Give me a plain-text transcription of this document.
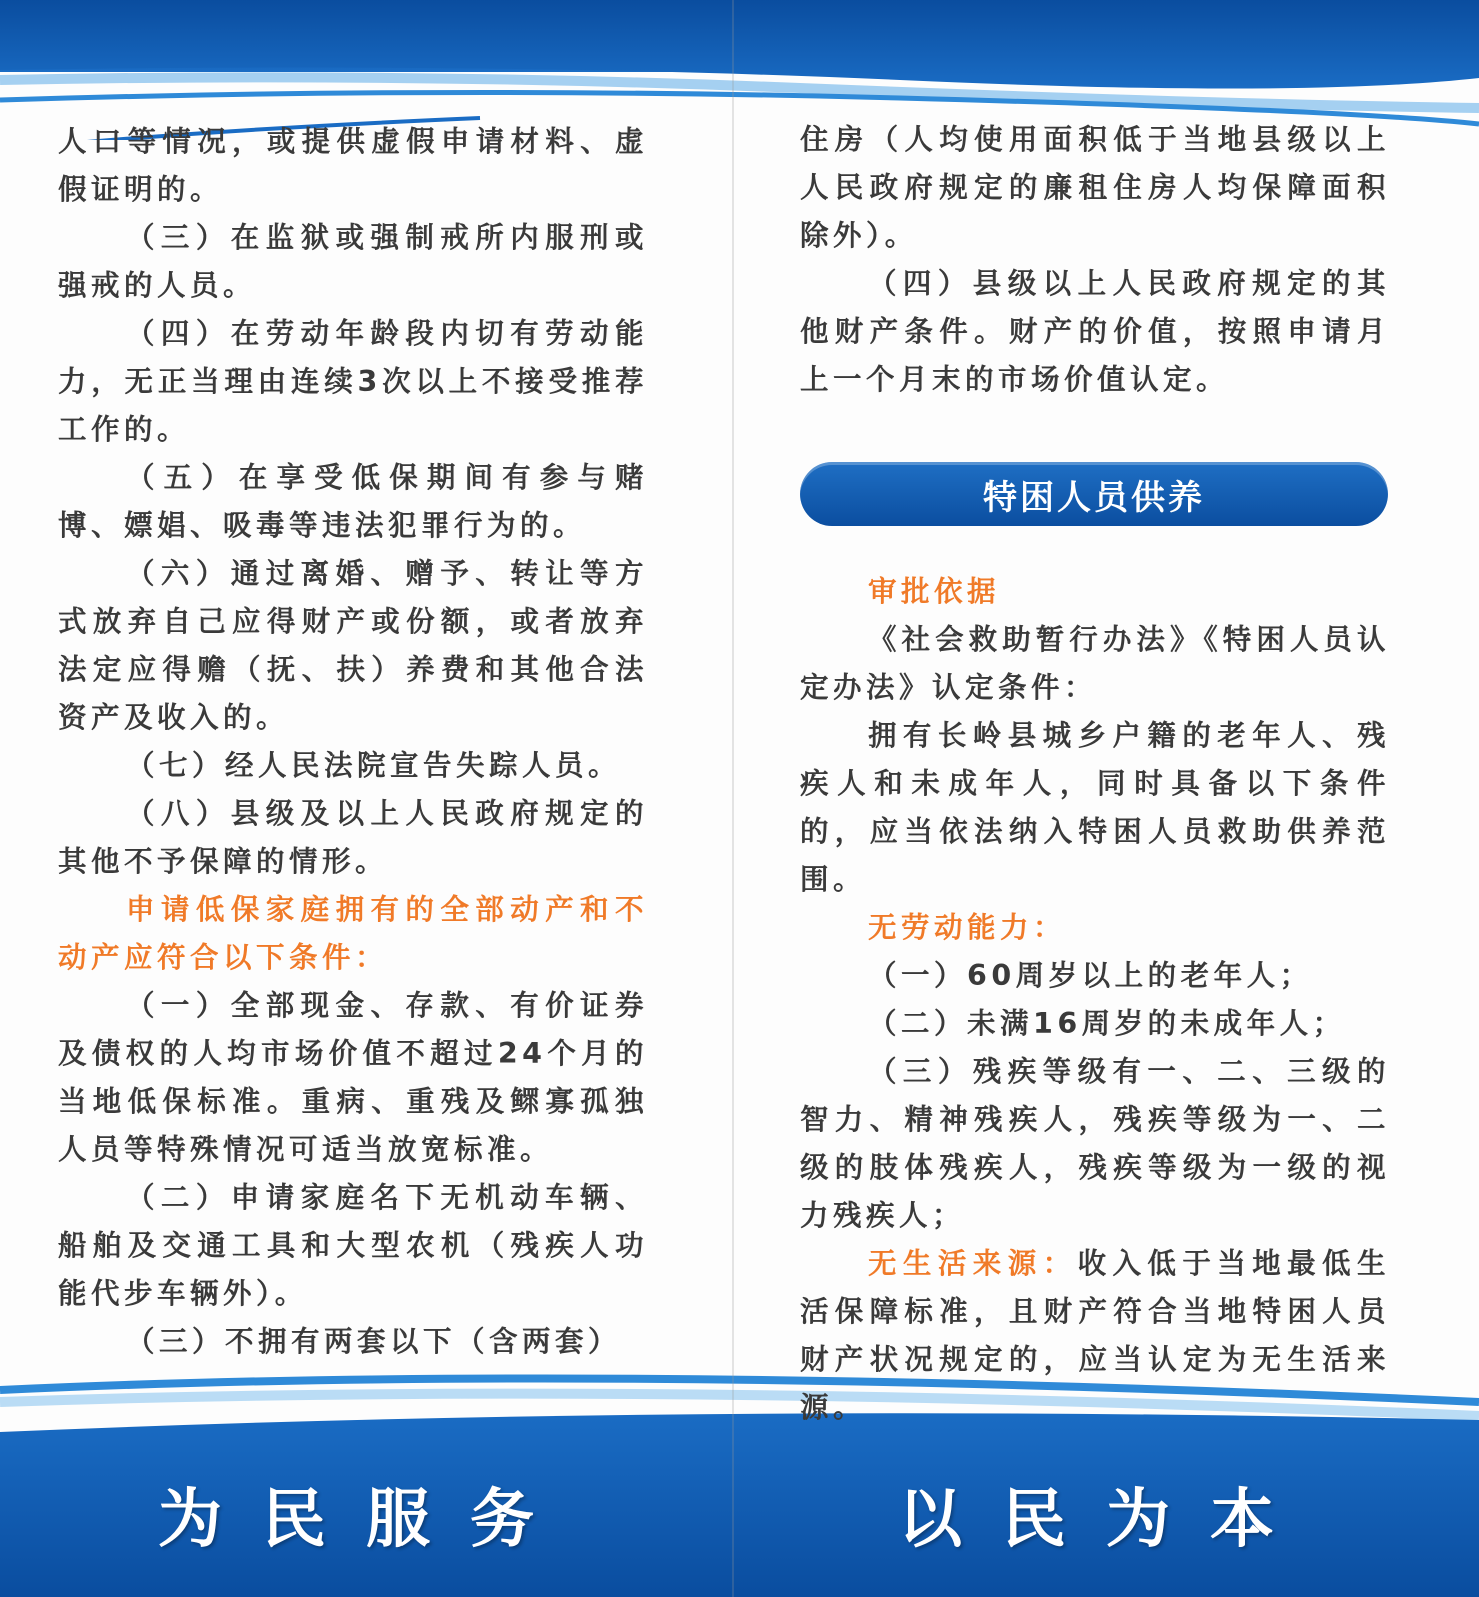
人口等情况，或提供虚假申请材料、虚假证明的。

（三）在监狱或强制戒所内服刑或强戒的人员。

（四）在劳动年龄段内切有劳动能力，无正当理由连续3次以上不接受推荐工作的。

（五）在享受低保期间有参与赌博、嫖娼、吸毒等违法犯罪行为的。

（六）通过离婚、赠予、转让等方式放弃自己应得财产或份额，或者放弃法定应得赡（抚、扶）养费和其他合法资产及收入的。

（七）经人民法院宣告失踪人员。

（八）县级及以上人民政府规定的其他不予保障的情形。

申请低保家庭拥有的全部动产和不动产应符合以下条件：

（一）全部现金、存款、有价证券及债权的人均市场价值不超过24个月的当地低保标准。重病、重残及鳏寡孤独人员等特殊情况可适当放宽标准。

（二）申请家庭名下无机动车辆、船舶及交通工具和大型农机（残疾人功能代步车辆外）。

（三）不拥有两套以下（含两套）

住房（人均使用面积低于当地县级以上人民政府规定的廉租住房人均保障面积除外）。

（四）县级以上人民政府规定的其他财产条件。财产的价值，按照申请月上一个月末的市场价值认定。

特困人员供养

审批依据

《社会救助暂行办法》《特困人员认定办法》认定条件：

拥有长岭县城乡户籍的老年人、残疾人和未成年人，同时具备以下条件的，应当依法纳入特困人员救助供养范围。

无劳动能力：

（一）60周岁以上的老年人；

（二）未满16周岁的未成年人；

（三）残疾等级有一、二、三级的智力、精神残疾人，残疾等级为一、二级的肢体残疾人，残疾等级为一级的视力残疾人；

无生活来源：收入低于当地最低生活保障标准，且财产符合当地特困人员财产状况规定的，应当认定为无生活来源。

为民服务	以民为本
